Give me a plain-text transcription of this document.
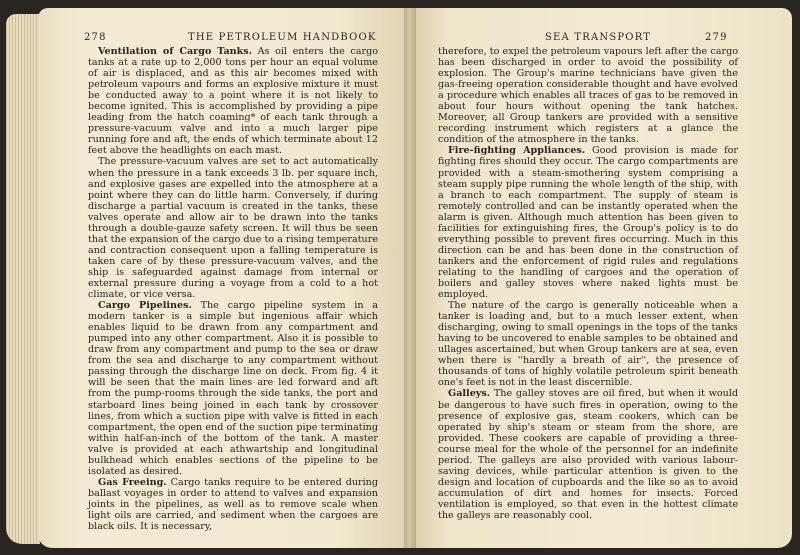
278	THE PETROLEUM HANDBOOK

Ventilation of Cargo Tanks. As oil enters the cargo tanks at a rate up to 2,000 tons per hour an equal volume of air is displaced, and as this air becomes mixed with petroleum vapours and forms an explosive mixture it must be conducted away to a point where it is not likely to become ignited. This is accomplished by providing a pipe leading from the hatch coaming* of each tank through a pressure-vacuum valve and into a much larger pipe running fore and aft, the ends of which terminate about 12 feet above the headlights on each mast.

The pressure-vacuum valves are set to act automatically when the pressure in a tank exceeds 3 lb. per square inch, and explosive gases are expelled into the atmosphere at a point where they can do little harm. Conversely, if during discharge a partial vacuum is created in the tanks, these valves operate and allow air to be drawn into the tanks through a double-gauze safety screen. It will thus be seen that the expansion of the cargo due to a rising temperature and contraction consequent upon a falling temperature is taken care of by these pressure-vacuum valves, and the ship is safeguarded against damage from internal or external pressure during a voyage from a cold to a hot climate, or vice versa.

Cargo Pipelines. The cargo pipeline system in a modern tanker is a simple but ingenious affair which enables liquid to be drawn from any compartment and pumped into any other compartment. Also it is possible to draw from any compartment and pump to the sea or draw from the sea and discharge to any compartment without passing through the discharge line on deck. From fig. 4 it will be seen that the main lines are led forward and aft from the pump-rooms through the side tanks, the port and starboard lines being joined in each tank by crossover lines, from which a suction pipe with valve is fitted in each compartment, the open end of the suction pipe terminating within half-an-inch of the bottom of the tank. A master valve is provided at each athwartship and longitudinal bulkhead which enables sections of the pipeline to be isolated as desired.

Gas Freeing. Cargo tanks require to be entered during ballast voyages in order to attend to valves and expansion joints in the pipelines, as well as to remove scale when light oils are carried, and sediment when the cargoes are black oils. It is necessary,

SEA TRANSPORT	279

therefore, to expel the petroleum vapours left after the cargo has been discharged in order to avoid the possibility of explosion. The Group's marine technicians have given the gas-freeing operation considerable thought and have evolved a procedure which enables all traces of gas to be removed in about four hours without opening the tank hatches. Moreover, all Group tankers are provided with a sensitive recording instrument which registers at a glance the condition of the atmosphere in the tanks.

Fire-fighting Appliances. Good provision is made for fighting fires should they occur. The cargo compartments are provided with a steam-smothering system comprising a steam supply pipe running the whole length of the ship, with a branch to each compartment. The supply of steam is remotely controlled and can be instantly operated when the alarm is given. Although much attention has been given to facilities for extinguishing fires, the Group's policy is to do everything possible to prevent fires occurring. Much in this direction can be and has been done in the construction of tankers and the enforcement of rigid rules and regulations relating to the handling of cargoes and the operation of boilers and galley stoves where naked lights must be employed.

The nature of the cargo is generally noticeable when a tanker is loading and, but to a much lesser extent, when discharging, owing to small openings in the tops of the tanks having to be uncovered to enable samples to be obtained and ullages ascertained, but when Group tankers are at sea, even when there is ''hardly a breath of air'', the presence of thousands of tons of highly volatile petroleum spirit beneath one's feet is not in the least discernible.

Galleys. The galley stoves are oil fired, but when it would be dangerous to have such fires in operation, owing to the presence of explosive gas, steam cookers, which can be operated by ship's steam or steam from the shore, are provided. These cookers are capable of providing a three-course meal for the whole of the personnel for an indefinite period. The galleys are also provided with various labour-saving devices, while particular attention is given to the design and location of cupboards and the like so as to avoid accumulation of dirt and homes for insects. Forced ventilation is employed, so that even in the hottest climate the galleys are reasonably cool.
